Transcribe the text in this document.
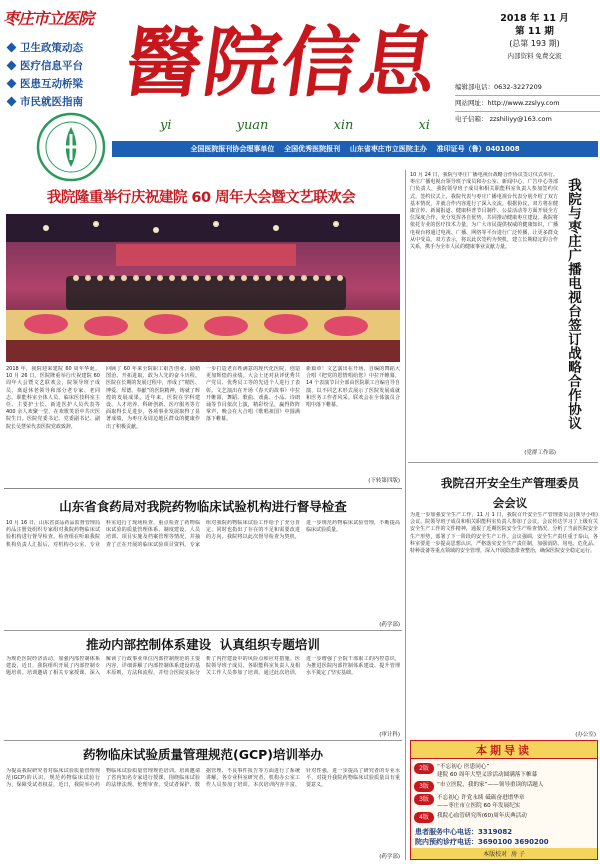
枣庄市立医院
卫生政策动态
医疗信息平台
医患互动桥梁
市民就医指南 醫院信息
yi	yuan	xin	xi
2018 年 11 月
第 11 期
(总第 193 期)
内部资料 免费交流
编辑部电话：0632-3227209
网站网址：http://www.zzslyy.com
电子信箱： zzshiliyy@163.com
全国医院报刊协会理事单位    全国优秀医院报刊    山东省枣庄市立医院主办    准印证号（鲁）0401008
我院隆重举行庆祝建院 60 周年大会暨文艺联欢会
2018 年，我院迎来建院 60 周年华诞。10 月 26 日，医院隆重举行庆祝建院 60 周年大会暨文艺联欢会，院领导班子成员、离退休老领导和部分老专家、老同志、职能科室全体人员、临床医技科室主任、主要护士长、新进医护人员代表等 400 余人欢聚一堂，在欢歌笑语中共庆医院生日。医院党委书记、党委副书记、副院长吴慧荣代表医院党政致辞，
回顾了 60 年来全院职工艰苦创业、励精图治、开拓进取、敢为人先的奋斗历程。医院在长期的发展过程中，形成了“精医、博爱、厚德、奉献”的医院精神，铸就了辉煌的发展成果。近年来，医院在学科建设、人才培养、科研创新、医疗服务等方面取得长足进步，各项事业发展取得了显著成绩，为枣庄及周边地区群众的健康作出了积极贡献。
一步打造老百姓满意的现代化医院，创造更加辉煌的业绩。大会上还对获评优秀共产党员、优秀员工等的先进个人进行了表彰。文艺演出在开场《春天的故事》中拉开帷幕，舞蹈、歌曲、戏曲、小品、诗朗诵等节目依次上演，精彩纷呈，赢得阵阵掌声，晚会在大合唱《歌唱祖国》中圆满落下帷幕。
新篇章！文艺演出在开场，自编的舞蹈大合唱《把党的恩情唱给您》中拉开帷幕，14 个表演节目全部由医院职工自编自导自演，以不同艺术形式展示了医院发展成就和医务工作者风采。联欢会在全体演员合唱中落下帷幕。
(下转第四版)
10 月 24 日，我院与枣庄广播电视台战略合作协议签订仪式举行。枣庄广播电视台领导班子成员和办公室、新闻中心、广告中心等部门负责人，我院领导班子成员和相关职能科室负责人参加签约仪式。签约仪式上，我院代表与枣庄广播电视台代表分别介绍了双方基本情况，并就合作内容进行了深入交流。根据协议，双方将在健康宣传、新闻报道、健康科普节目制作、公益活动等方面开展全方位深度合作，充分发挥各自优势，共同推动健康枣庄建设。我院将依托专业的医疗技术力量，为广大市民提供权威的健康知识，广播电视台将通过电视、广播、网络等平台进行广泛传播，让更多群众从中受益。双方表示，将以此次签约为契机，建立长期稳定的合作关系，携手为全市人民的健康事业贡献力量。
(党群工作部)
我院与枣庄广播电视台签订战略合作协议
我院召开安全生产管理委员会会议
为进一步加强安全生产工作，11 月 1 日，我院召开安全生产管理委员会(领导小组)会议。院领导班子成员和相关职能科室负责人参加了会议。会议传达学习了上级有关安全生产工作的文件精神，通报了近期医院安全生产检查情况，分析了当前医院安全生产形势，部署了下一阶段的安全生产工作。会议强调，安全生产责任重于泰山，各科室要进一步提高思想认识，严格落实安全生产责任制，加强消防、用电、危化品、特种设备等重点领域的安全管理，深入开展隐患排查整治，确保医院安全稳定运行。
(办公室)
山东省食药局对我院药物临床试验机构进行督导检查
10 月 16 日，山东省食品药品监督管理局药品注册处组织专家组对我院药物临床试验机构进行督导检查。检查组在听取我院机构负责人汇报后，对机构办公室、专业科室进行了现场检查，重点检查了药物临床试验的质量管理体系、制度建设、人员培训、项目实施及档案管理等情况，并抽查了正在开展的临床试验项目资料。专家组对我院药物临床试验工作给予了充分肯定，同时也指出了存在的不足和需要改进的方向。我院将以此次督导检查为契机，进一步规范药物临床试验管理，不断提高临床试验质量。
(药学部)
推动内部控制体系建设  认真组织专题培训
为规范医院经济活动，加强内部控制体系建设，近日，我院组织开展了内部控制专题培训。培训邀请了相关专家授课，深入解读了行政事业单位内部控制规范的主要内容，详细讲解了内部控制体系建设的基本原则、方法和流程，并结合医院实际分析了内控建设中的风险点和应对措施。医院领导班子成员、各职能科室负责人及相关工作人员参加了培训。通过此次培训，进一步增强了全院干部职工的内控意识，为推进医院内部控制体系建设、提升管理水平奠定了坚实基础。
(审计科)
药物临床试验质量管理规范(GCP)培训举办
为提高我院研究者对临床试验质量管理规范(GCP)的认识，规范药物临床试验行为，保障受试者权益，近日，我院举办药物临床试验质量管理规范培训。培训邀请了省内知名专家进行授课，围绕临床试验的法律法规、伦理审查、受试者保护、数据管理、不良事件报告等方面进行了系统讲解。各专业科室研究者、机构办公室工作人员参加了培训。本次培训内容丰富、针对性强，进一步提高了研究者的专业水平，对提升我院药物临床试验质量具有重要意义。
(药学部)
本期导读
2版	“不忘初心 医患同心”
建院 60 周年大型义诊活动圆满落下帷幕
3版	“市立医院，我的家”——领导重读的话题人
3版	不忘初心 许党永续 砥砺奋进谱华章
——枣庄市立医院 60 年发展纪实
4版	我院心血管研究所(60)周年庆典活动
患者服务中心电话：3319082
院内预约诊疗电话：3690100 3690200
本版校对  房 子
